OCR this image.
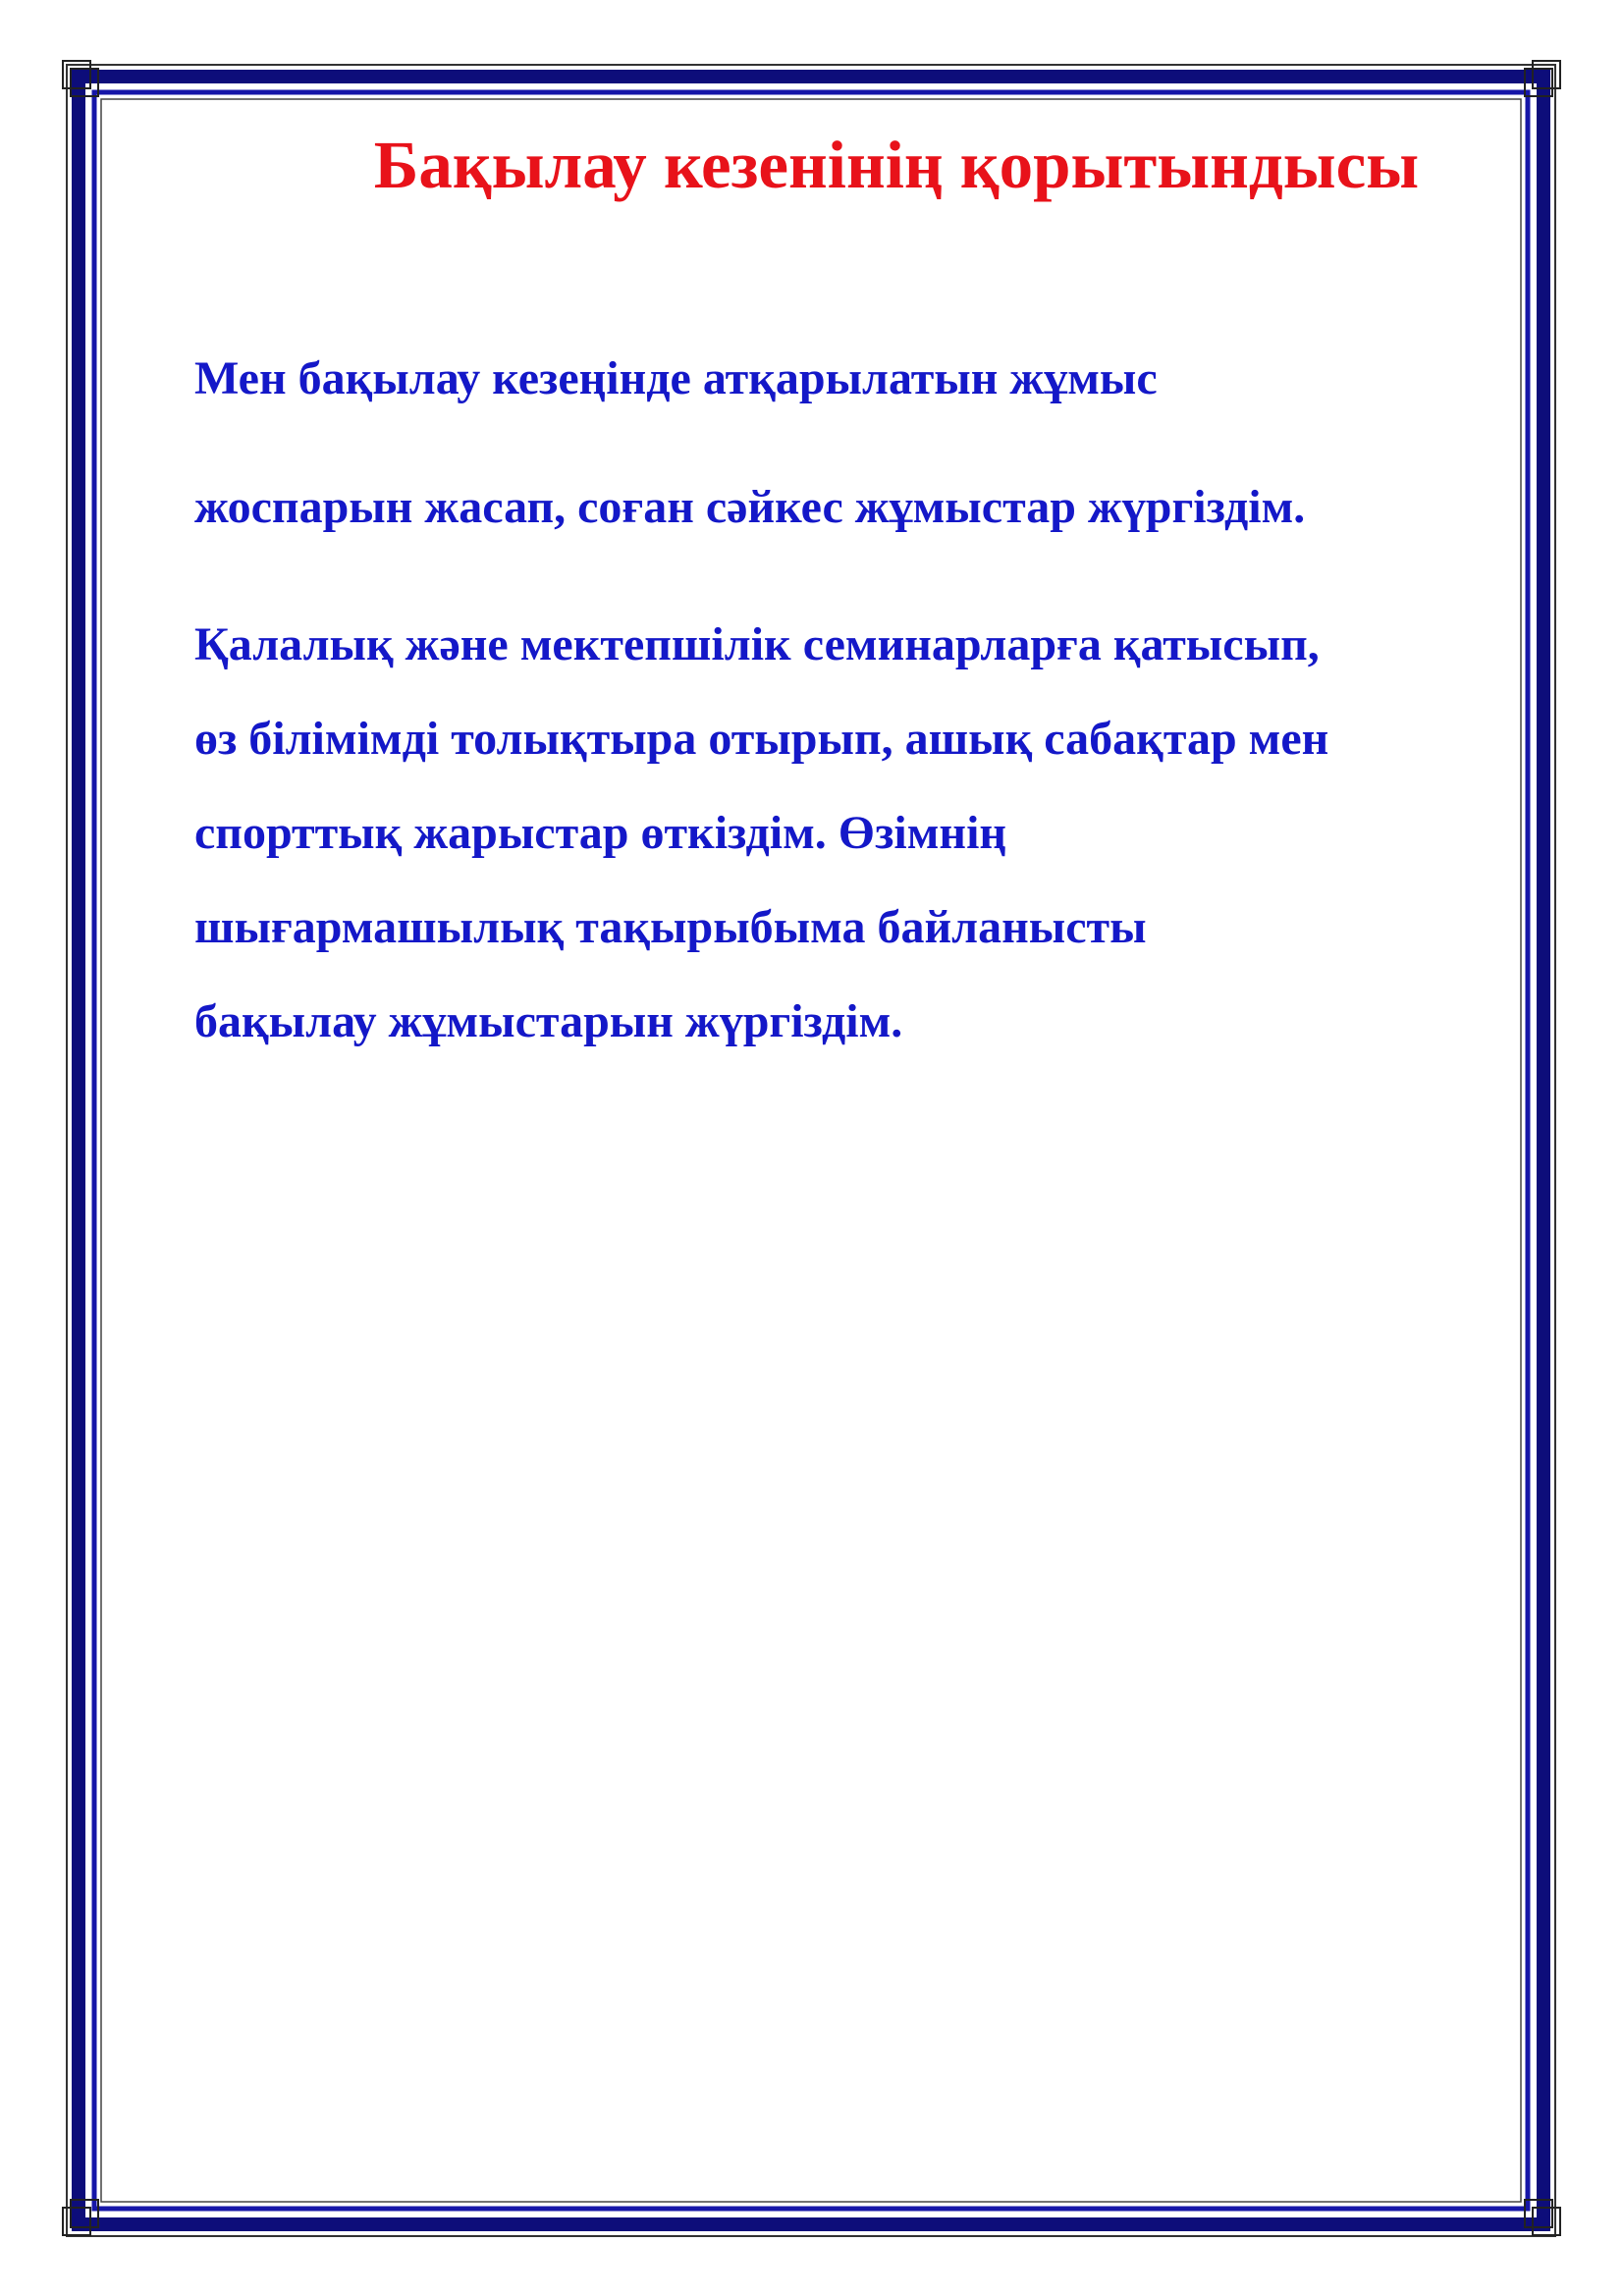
Бақылау кезенінің қорытындысы

Мен бақылау кезеңінде атқарылатын жұмыс
жоспарын жасап, соған сәйкес жұмыстар жүргіздім.

Қалалық және мектепшілік семинарларға қатысып,
өз білімімді толықтыра отырып, ашық сабақтар мен
спорттық жарыстар өткіздім. Өзімнің
шығармашылық тақырыбыма байланысты
бақылау жұмыстарын жүргіздім.
